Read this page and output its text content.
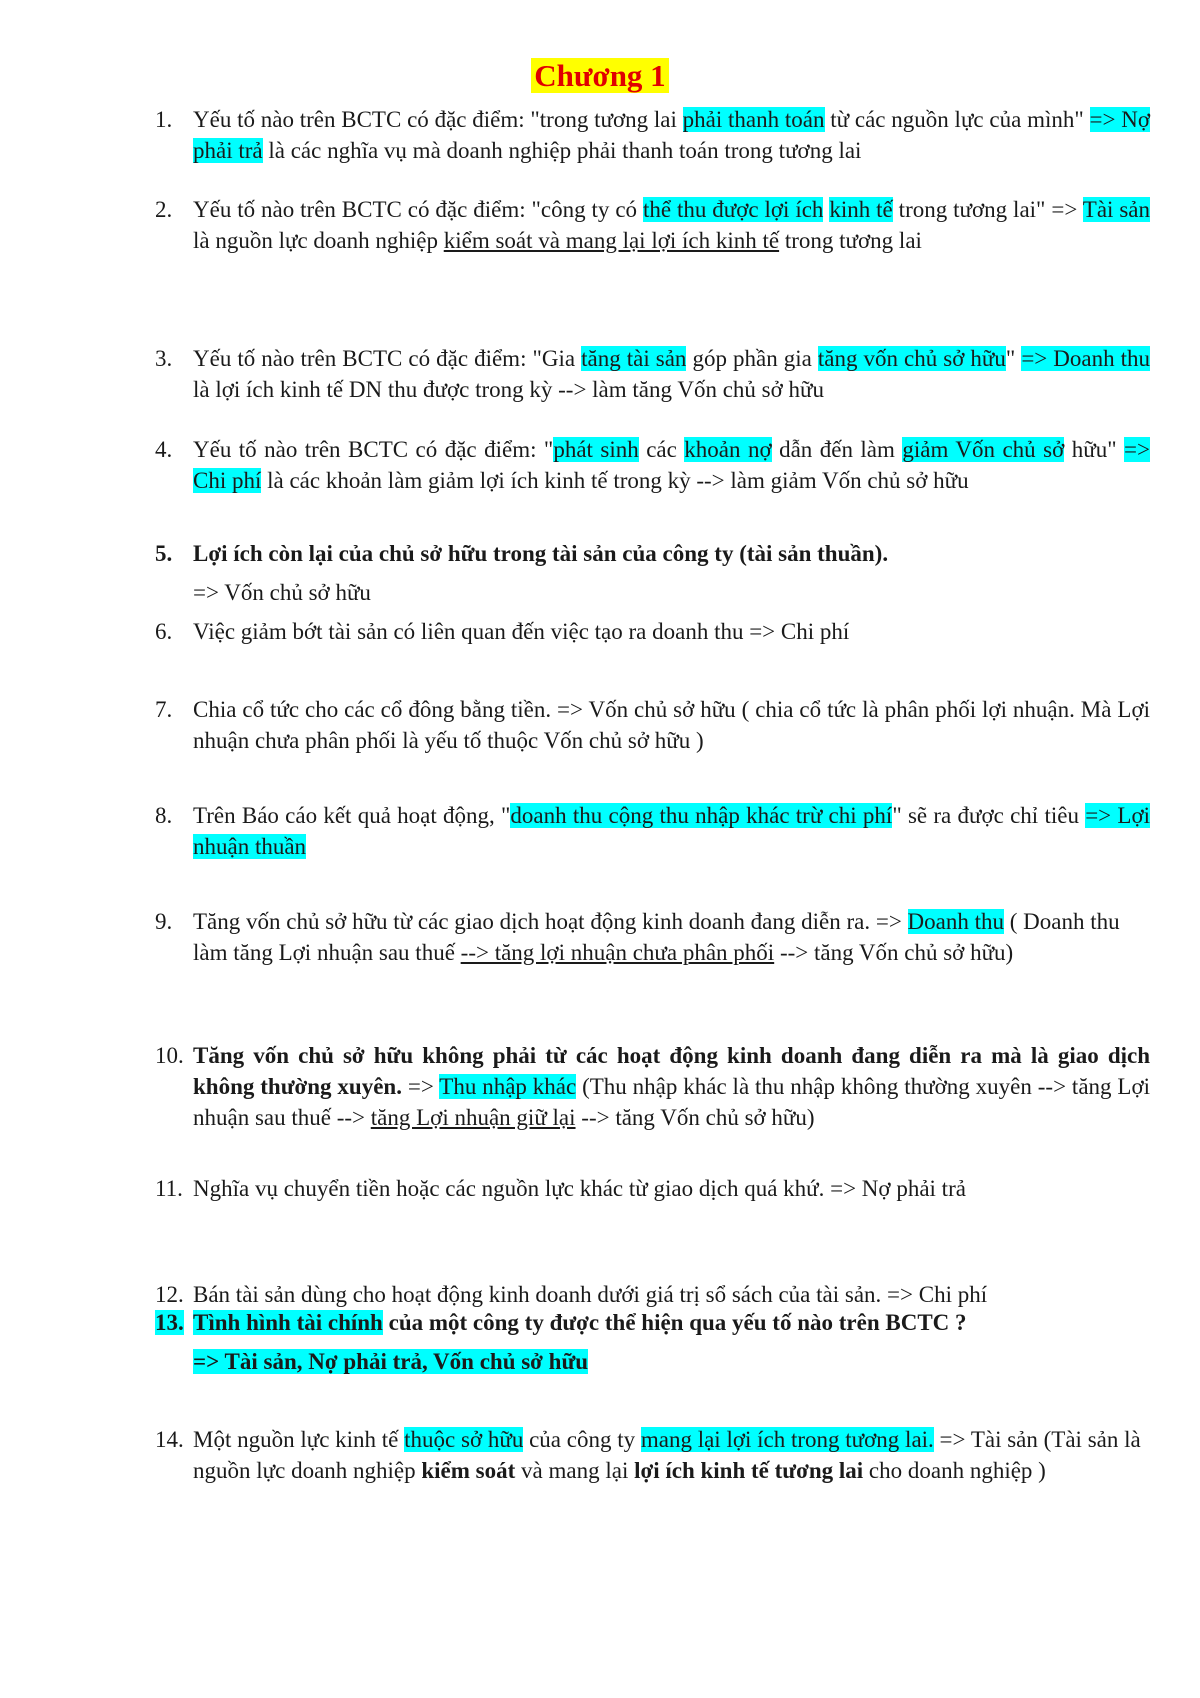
Chương 1
1. Yếu tố nào trên BCTC có đặc điểm: "trong tương lai phải thanh toán từ các nguồn lực của mình" => Nợ phải trả là các nghĩa vụ mà doanh nghiệp phải thanh toán trong tương lai
2. Yếu tố nào trên BCTC có đặc điểm: "công ty có thể thu được lợi ích kinh tế trong tương lai" => Tài sản là nguồn lực doanh nghiệp kiểm soát và mang lại lợi ích kinh tế trong tương lai
3. Yếu tố nào trên BCTC có đặc điểm: "Gia tăng tài sản góp phần gia tăng vốn chủ sở hữu" => Doanh thu là lợi ích kinh tế DN thu được trong kỳ --> làm tăng Vốn chủ sở hữu
4. Yếu tố nào trên BCTC có đặc điểm: "phát sinh các khoản nợ dẫn đến làm giảm Vốn chủ sở hữu" => Chi phí là các khoản làm giảm lợi ích kinh tế trong kỳ --> làm giảm Vốn chủ sở hữu
5. Lợi ích còn lại của chủ sở hữu trong tài sản của công ty (tài sản thuần).
=> Vốn chủ sở hữu
6. Việc giảm bớt tài sản có liên quan đến việc tạo ra doanh thu => Chi phí
7. Chia cổ tức cho các cổ đông bằng tiền. => Vốn chủ sở hữu ( chia cổ tức là phân phối lợi nhuận. Mà Lợi nhuận chưa phân phối là yếu tố thuộc Vốn chủ sở hữu )
8. Trên Báo cáo kết quả hoạt động, "doanh thu cộng thu nhập khác trừ chi phí" sẽ ra được chỉ tiêu => Lợi nhuận thuần
9. Tăng vốn chủ sở hữu từ các giao dịch hoạt động kinh doanh đang diễn ra. => Doanh thu ( Doanh thu làm tăng Lợi nhuận sau thuế --> tăng lợi nhuận chưa phân phối --> tăng Vốn chủ sở hữu)
10. Tăng vốn chủ sở hữu không phải từ các hoạt động kinh doanh đang diễn ra mà là giao dịch không thường xuyên. => Thu nhập khác (Thu nhập khác là thu nhập không thường xuyên --> tăng Lợi nhuận sau thuế --> tăng Lợi nhuận giữ lại --> tăng Vốn chủ sở hữu)
11. Nghĩa vụ chuyển tiền hoặc các nguồn lực khác từ giao dịch quá khứ. => Nợ phải trả
12. Bán tài sản dùng cho hoạt động kinh doanh dưới giá trị sổ sách của tài sản. => Chi phí
13. Tình hình tài chính của một công ty được thể hiện qua yếu tố nào trên BCTC ?
=> Tài sản, Nợ phải trả, Vốn chủ sở hữu
14. Một nguồn lực kinh tế thuộc sở hữu của công ty mang lại lợi ích trong tương lai. => Tài sản (Tài sản là nguồn lực doanh nghiệp kiểm soát và mang lại lợi ích kinh tế tương lai cho doanh nghiệp )
